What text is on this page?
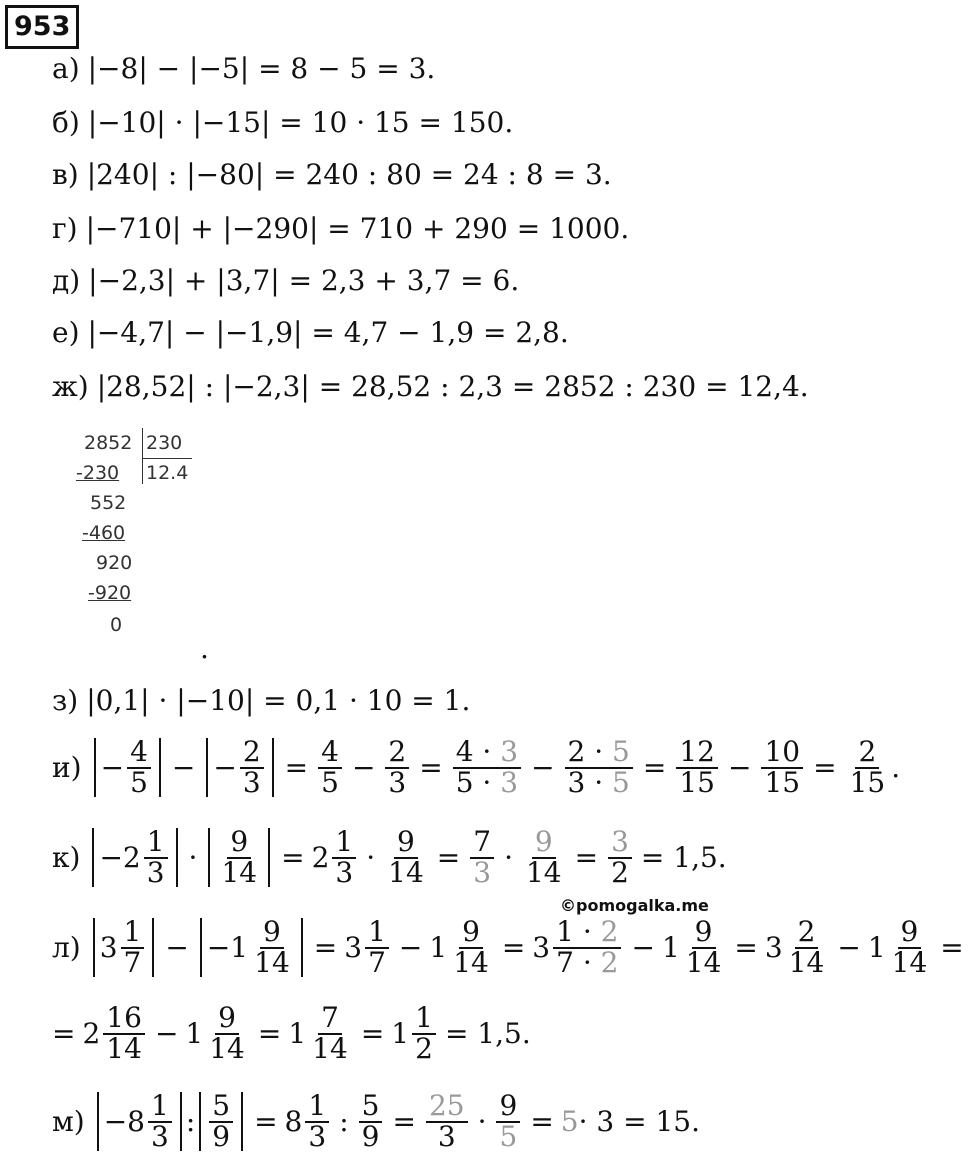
953
а) |−8| − |−5| = 8 − 5 = 3.
б) |−10| · |−15| = 10 · 15 = 150.
в) |240| : |−80| = 240 : 80 = 24 : 8 = 3.
г) |−710| + |−290| = 710 + 290 = 1000.
д) |−2,3| + |3,7| = 2,3 + 3,7 = 6.
е) |−4,7| − |−1,9| = 4,7 − 1,9 = 2,8.
ж) |28,52| : |−2,3| = 28,52 : 2,3 = 2852 : 230 = 12,4.
2852 230
12.4
-230
552
-460
920
-920
0
.
з) |0,1| · |−10| = 0,1 · 10 = 1.
$и) - \frac{4}{5}$ − − $\frac{2}{3} = \frac{4}{5} - \frac{2}{3} = \frac{4 \cdot 3}{5 \cdot 3} - \frac{2 \cdot 5}{3 \cdot 5} = \frac{12}{15} - \frac{10}{15} = \frac{2}{15}$ .
$к) -2 \frac{1}{3} \cdot \frac{9}{14} = 2 \frac{1}{3} \cdot \frac{9}{14} = \frac{7}{3} \cdot \frac{9}{14} = \frac{3}{2} = 1,5$.
©pomogalka.me
л) $3 \frac{1}{7} - -1 \frac{9}{14} = 3 \frac{1}{7} - 1 \frac{9}{14} = 3 \frac{1 \cdot 2}{7 \cdot 2} - 1 \frac{9}{14} = 3 \frac{2}{14} - 1 \frac{9}{14}$ =
= $2 \frac{16}{14} - 1 \frac{9}{14} = 1 \frac{7}{14} = 1 \frac{1}{2} = 1,5$.
$м) -8 \frac{1}{3}$ : $\frac{5}{9} = 8 \frac{1}{3}$ : $\frac{5}{9} = \frac{25}{3} \cdot \frac{9}{5} = 5 \cdot 3 = 15$.
